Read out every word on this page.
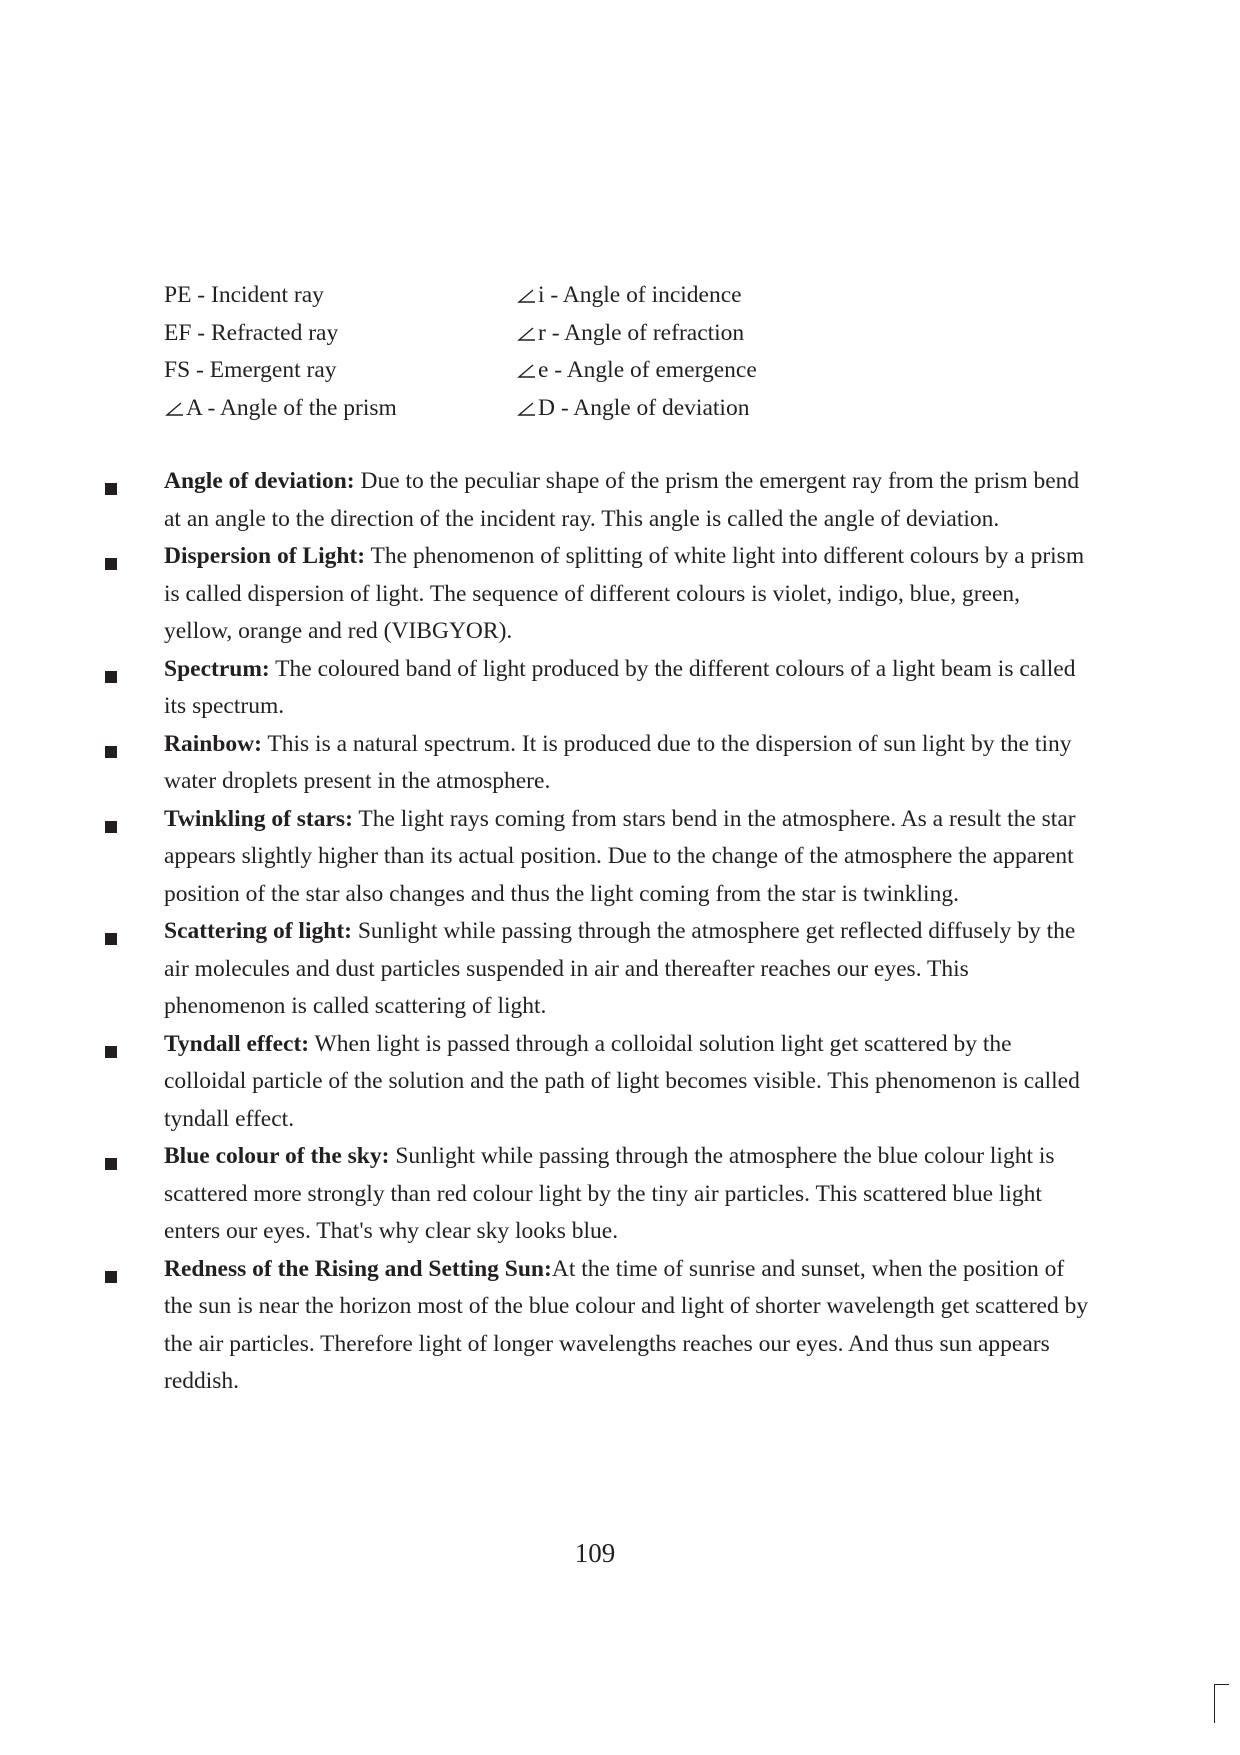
PE - Incident ray	i - Angle of incidence
EF - Refracted ray	r - Angle of refraction
FS - Emergent ray	e - Angle of emergence
A - Angle of the prism	D - Angle of deviation
Angle of deviation: Due to the peculiar shape of the prism the emergent ray from the prism bend at an angle to the direction of the incident ray. This angle is called the angle of deviation.
Dispersion of Light: The phenomenon of splitting of white light into different colours by a prism is called dispersion of light. The sequence of different colours is violet, indigo, blue, green, yellow, orange and red (VIBGYOR).
Spectrum: The coloured band of light produced by the different colours of a light beam is called its spectrum.
Rainbow: This is a natural spectrum. It is produced due to the dispersion of sun light by the tiny water droplets present in the atmosphere.
Twinkling of stars: The light rays coming from stars bend in the atmosphere. As a result the star appears slightly higher than its actual position. Due to the change of the atmosphere the apparent position of the star also changes and thus the light coming from the star is twinkling.
Scattering of light: Sunlight while passing through the atmosphere get reflected diffusely by the air molecules and dust particles suspended in air and thereafter reaches our eyes. This phenomenon is called scattering of light.
Tyndall effect: When light is passed through a colloidal solution light get scattered by the colloidal particle of the solution and the path of light becomes visible. This phenomenon is called tyndall effect.
Blue colour of the sky: Sunlight while passing through the atmosphere the blue colour light is scattered more strongly than red colour light by the tiny air particles. This scattered blue light enters our eyes. That's why clear sky looks blue.
Redness of the Rising and Setting Sun:At the time of sunrise and sunset, when the position of the sun is near the horizon most of the blue colour and light of shorter wavelength get scattered by the air particles. Therefore light of longer wavelengths reaches our eyes. And thus sun appears reddish.
109
